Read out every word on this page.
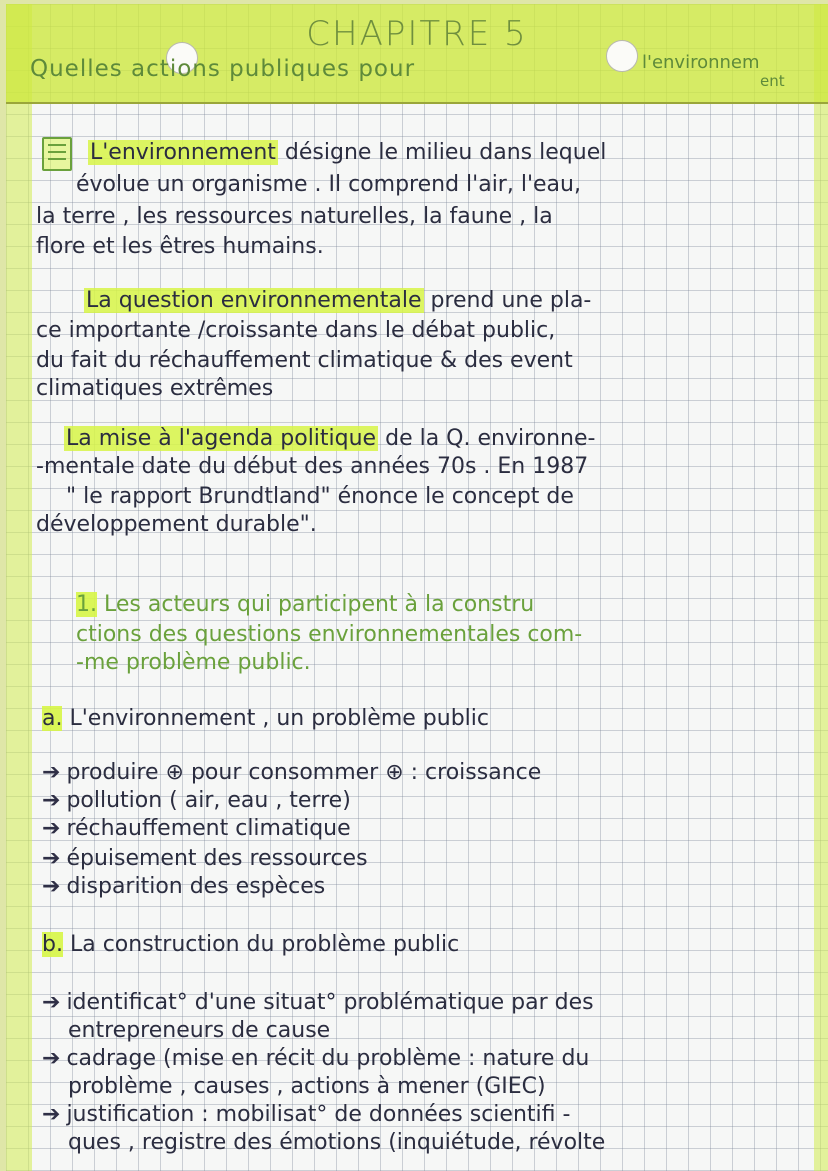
CHAPITRE 5
Quelles actions publiques pour	l'environnem
ent
L'environnement désigne le milieu dans lequel
évolue un organisme . Il comprend l'air, l'eau,
la terre , les ressources naturelles, la faune , la
flore et les êtres humains.
La question environnementale prend une pla-
ce importante /croissante dans le débat public,
du fait du réchauffement climatique & des event
climatiques extrêmes
La mise à l'agenda politique de la Q. environne-
-mentale date du début des années 70s . En 1987
" le rapport Brundtland" énonce le concept de
développement durable".
1. Les acteurs qui participent à la constru
ctions des questions environnementales com-
-me problème public.
a. L'environnement , un problème public
➔ produire ⊕ pour consommer ⊕ : croissance
➔ pollution ( air, eau , terre)
➔ réchauffement climatique
➔ épuisement des ressources
➔ disparition des espèces
b. La construction du problème public
➔ identificat° d'une situat° problématique par des
entrepreneurs de cause
➔ cadrage (mise en récit du problème : nature du
problème , causes , actions à mener (GIEC)
➔ justification : mobilisat° de données scientifi -
ques , registre des émotions (inquiétude, révolte
